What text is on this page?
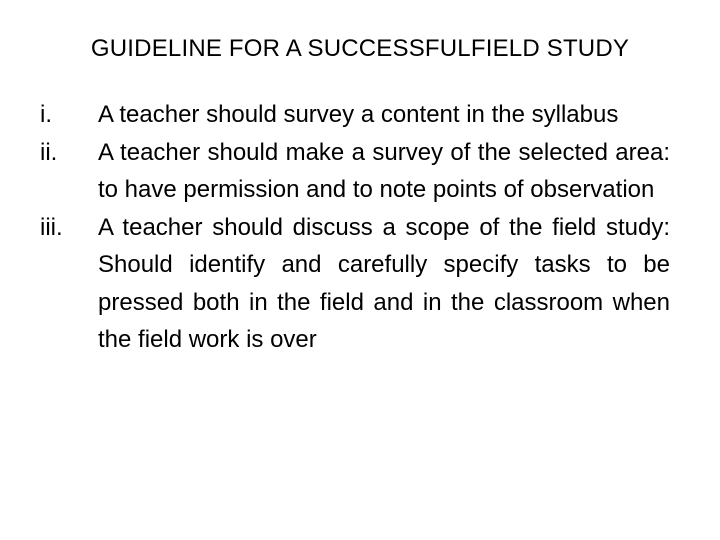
GUIDELINE FOR A SUCCESSFULFIELD STUDY
i.	A teacher should survey a content in the syllabus
ii.	A teacher should make a survey of the selected area: to have permission and to note points of observation
iii.	A teacher should discuss a scope of the field study: Should identify and carefully specify tasks to be pressed both in the field and in the classroom when the field work is over
